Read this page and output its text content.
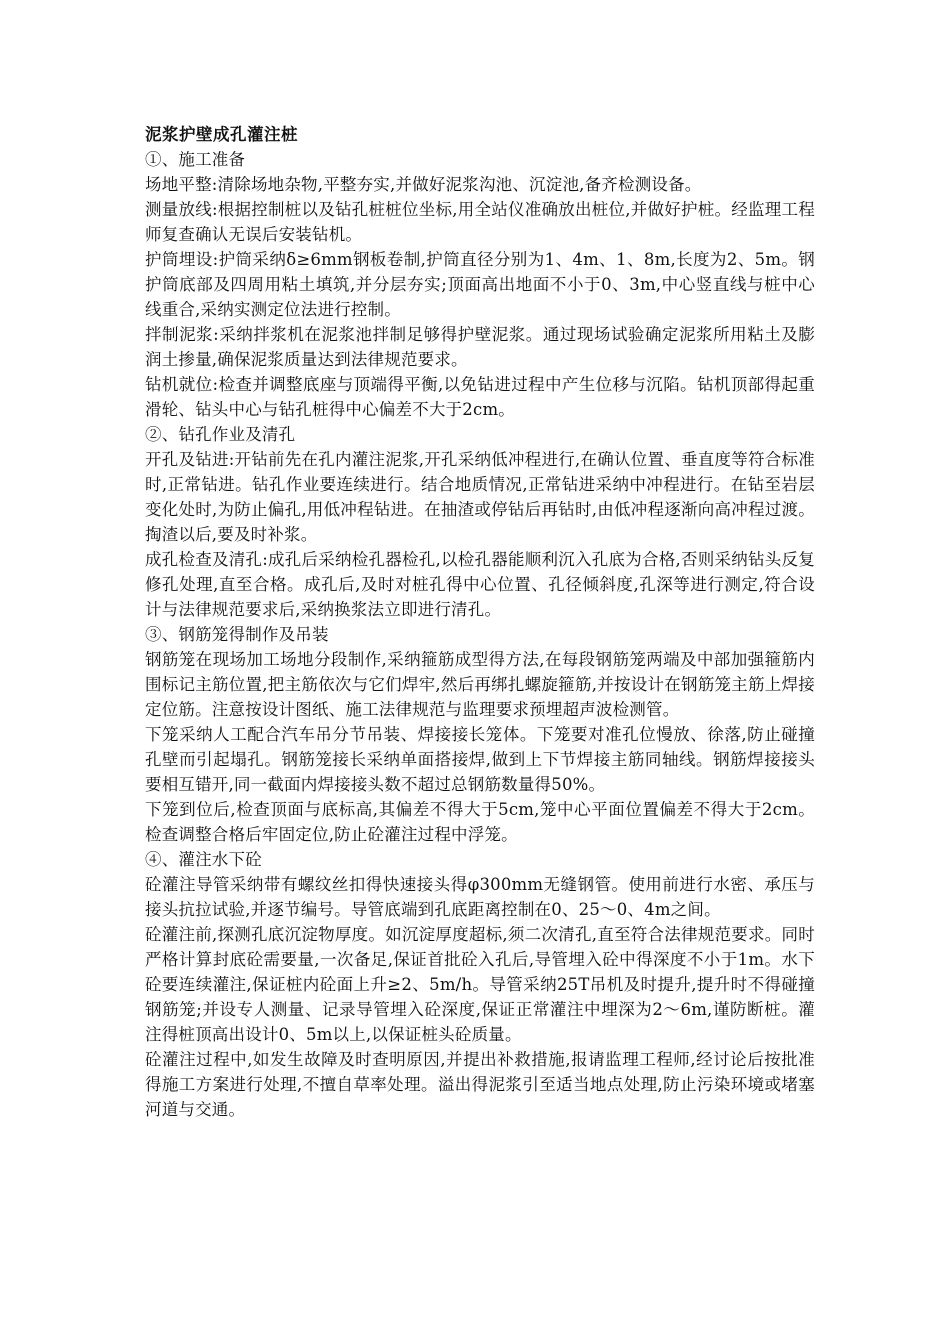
泥浆护壁成孔灌注桩

①、施工准备

场地平整:清除场地杂物,平整夯实,并做好泥浆沟池、沉淀池,备齐检测设备。

测量放线:根据控制桩以及钻孔桩桩位坐标,用全站仪准确放出桩位,并做好护桩。经监理工程师复查确认无误后安装钻机。

护筒埋设:护筒采纳δ≥6mm钢板卷制,护筒直径分别为1、4m、1、8m,长度为2、5m。钢护筒底部及四周用粘土填筑,并分层夯实;顶面高出地面不小于0、3m,中心竖直线与桩中心线重合,采纳实测定位法进行控制。

拌制泥浆:采纳拌浆机在泥浆池拌制足够得护壁泥浆。通过现场试验确定泥浆所用粘土及膨润土掺量,确保泥浆质量达到法律规范要求。

钻机就位:检查并调整底座与顶端得平衡,以免钻进过程中产生位移与沉陷。钻机顶部得起重滑轮、钻头中心与钻孔桩得中心偏差不大于2cm。

②、钻孔作业及清孔

开孔及钻进:开钻前先在孔内灌注泥浆,开孔采纳低冲程进行,在确认位置、垂直度等符合标准时,正常钻进。钻孔作业要连续进行。结合地质情况,正常钻进采纳中冲程进行。在钻至岩层变化处时,为防止偏孔,用低冲程钻进。在抽渣或停钻后再钻时,由低冲程逐渐向高冲程过渡。掏渣以后,要及时补浆。

成孔检查及清孔:成孔后采纳检孔器检孔,以检孔器能顺利沉入孔底为合格,否则采纳钻头反复修孔处理,直至合格。成孔后,及时对桩孔得中心位置、孔径倾斜度,孔深等进行测定,符合设计与法律规范要求后,采纳换浆法立即进行清孔。

③、钢筋笼得制作及吊装

钢筋笼在现场加工场地分段制作,采纳箍筋成型得方法,在每段钢筋笼两端及中部加强箍筋内围标记主筋位置,把主筋依次与它们焊牢,然后再绑扎螺旋箍筋,并按设计在钢筋笼主筋上焊接定位筋。注意按设计图纸、施工法律规范与监理要求预埋超声波检测管。

下笼采纳人工配合汽车吊分节吊装、焊接接长笼体。下笼要对准孔位慢放、徐落,防止碰撞孔壁而引起塌孔。钢筋笼接长采纳单面搭接焊,做到上下节焊接主筋同轴线。钢筋焊接接头要相互错开,同一截面内焊接接头数不超过总钢筋数量得50%。

下笼到位后,检查顶面与底标高,其偏差不得大于5cm,笼中心平面位置偏差不得大于2cm。检查调整合格后牢固定位,防止砼灌注过程中浮笼。

④、灌注水下砼

砼灌注导管采纳带有螺纹丝扣得快速接头得φ300mm无缝钢管。使用前进行水密、承压与接头抗拉试验,并逐节编号。导管底端到孔底距离控制在0、25～0、4m之间。

砼灌注前,探测孔底沉淀物厚度。如沉淀厚度超标,须二次清孔,直至符合法律规范要求。同时严格计算封底砼需要量,一次备足,保证首批砼入孔后,导管埋入砼中得深度不小于1m。水下砼要连续灌注,保证桩内砼面上升≥2、5m/h。导管采纳25T吊机及时提升,提升时不得碰撞钢筋笼;并设专人测量、记录导管埋入砼深度,保证正常灌注中埋深为2～6m,谨防断桩。灌注得桩顶高出设计0、5m以上,以保证桩头砼质量。

砼灌注过程中,如发生故障及时查明原因,并提出补救措施,报请监理工程师,经讨论后按批准得施工方案进行处理,不擅自草率处理。溢出得泥浆引至适当地点处理,防止污染环境或堵塞河道与交通。
